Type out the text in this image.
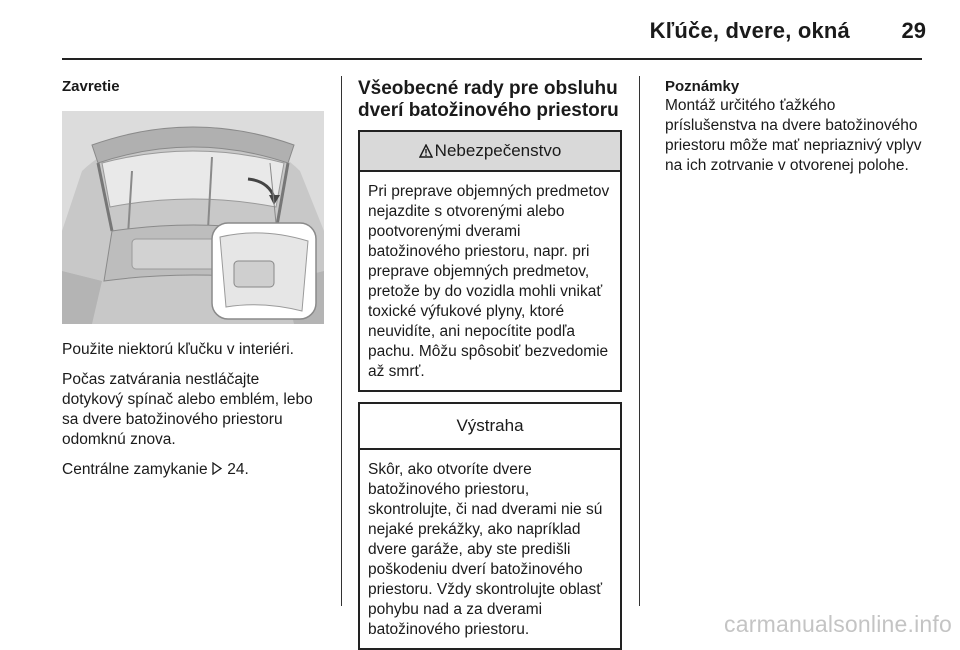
Kľúče, dvere, okná	29
Zavretie

Použite niektorú kľučku v interiéri.

Počas zatvárania nestláčajte dotykový spínač alebo emblém, lebo sa dvere batožinového priestoru odomknú znova.

Centrálne zamykanie 24.

Všeobecné rady pre obsluhu dverí batožinového priestoru
Nebezpečenstvo
Pri preprave objemných predmetov nejazdite s otvorenými alebo pootvorenými dverami batožinového priestoru, napr. pri preprave objemných predmetov, pretože by do vozidla mohli vnikať toxické výfukové plyny, ktoré neuvidíte, ani nepocítite podľa pachu. Môžu spôsobiť bezvedomie až smrť.
Výstraha
Skôr, ako otvoríte dvere batožinového priestoru, skontrolujte, či nad dverami nie sú nejaké prekážky, ako napríklad dvere garáže, aby ste predišli poškodeniu dverí batožinového priestoru. Vždy skontrolujte oblasť pohybu nad a za dverami batožinového priestoru.
Poznámky
Montáž určitého ťažkého príslušenstva na dvere batožinového priestoru môže mať nepriaznivý vplyv na ich zotrvanie v otvorenej polohe.
carmanualsonline.info
